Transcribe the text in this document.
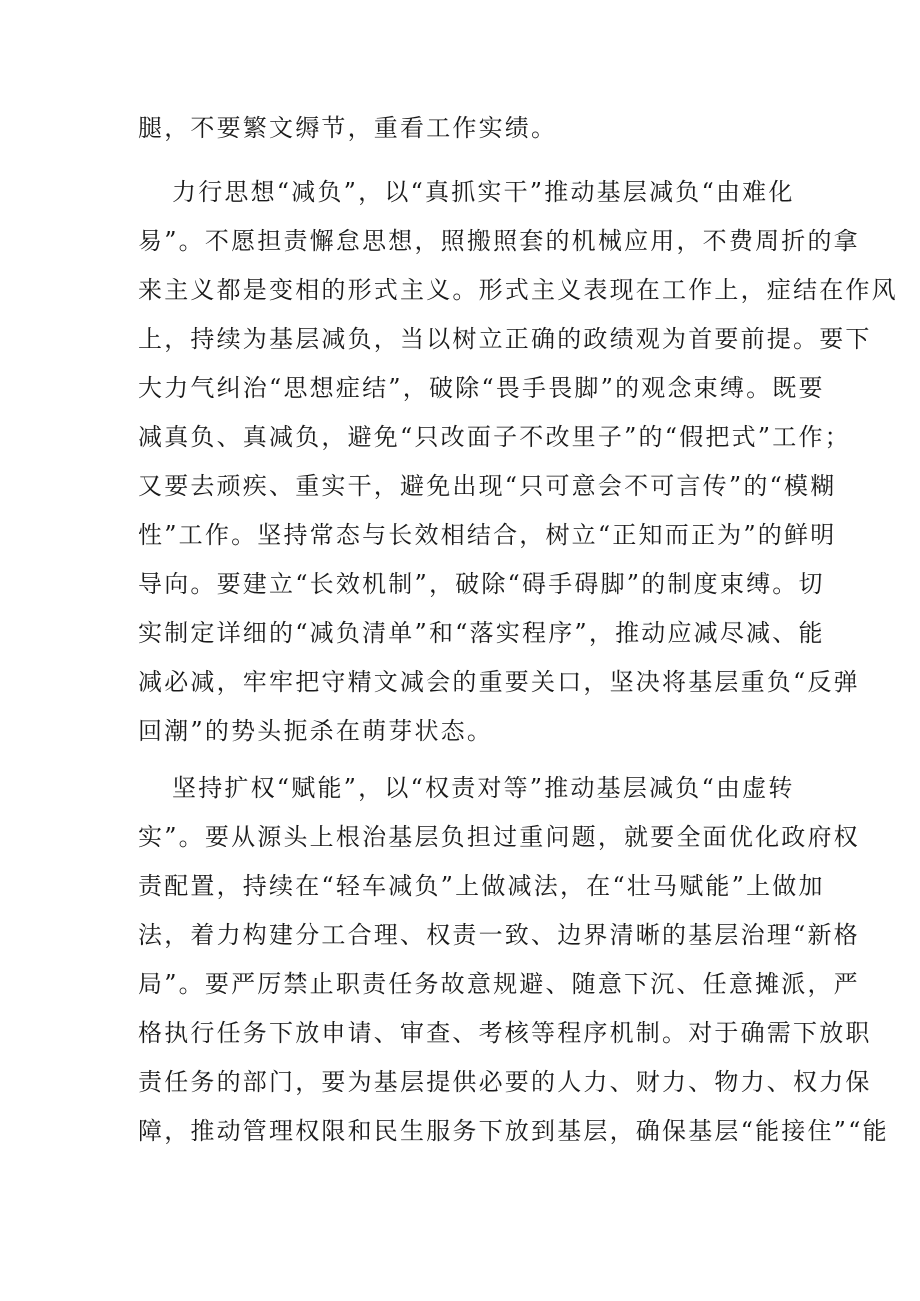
腿，不要繁文缛节，重看工作实绩。
力行思想“减负”，以“真抓实干”推动基层减负“由难化
易”。不愿担责懈怠思想，照搬照套的机械应用，不费周折的拿
来主义都是变相的形式主义。形式主义表现在工作上，症结在作风
上，持续为基层减负，当以树立正确的政绩观为首要前提。要下
大力气纠治“思想症结”，破除“畏手畏脚”的观念束缚。既要
减真负、真减负，避免“只改面子不改里子”的“假把式”工作；
又要去顽疾、重实干，避免出现“只可意会不可言传”的“模糊
性”工作。坚持常态与长效相结合，树立“正知而正为”的鲜明
导向。要建立“长效机制”，破除“碍手碍脚”的制度束缚。切
实制定详细的“减负清单”和“落实程序”，推动应减尽减、能
减必减，牢牢把守精文减会的重要关口，坚决将基层重负“反弹
回潮”的势头扼杀在萌芽状态。
坚持扩权“赋能”，以“权责对等”推动基层减负“由虚转
实”。要从源头上根治基层负担过重问题，就要全面优化政府权
责配置，持续在“轻车减负”上做减法，在“壮马赋能”上做加
法，着力构建分工合理、权责一致、边界清晰的基层治理“新格
局”。要严厉禁止职责任务故意规避、随意下沉、任意摊派，严
格执行任务下放申请、审查、考核等程序机制。对于确需下放职
责任务的部门，要为基层提供必要的人力、财力、物力、权力保
障，推动管理权限和民生服务下放到基层，确保基层“能接住”“能
